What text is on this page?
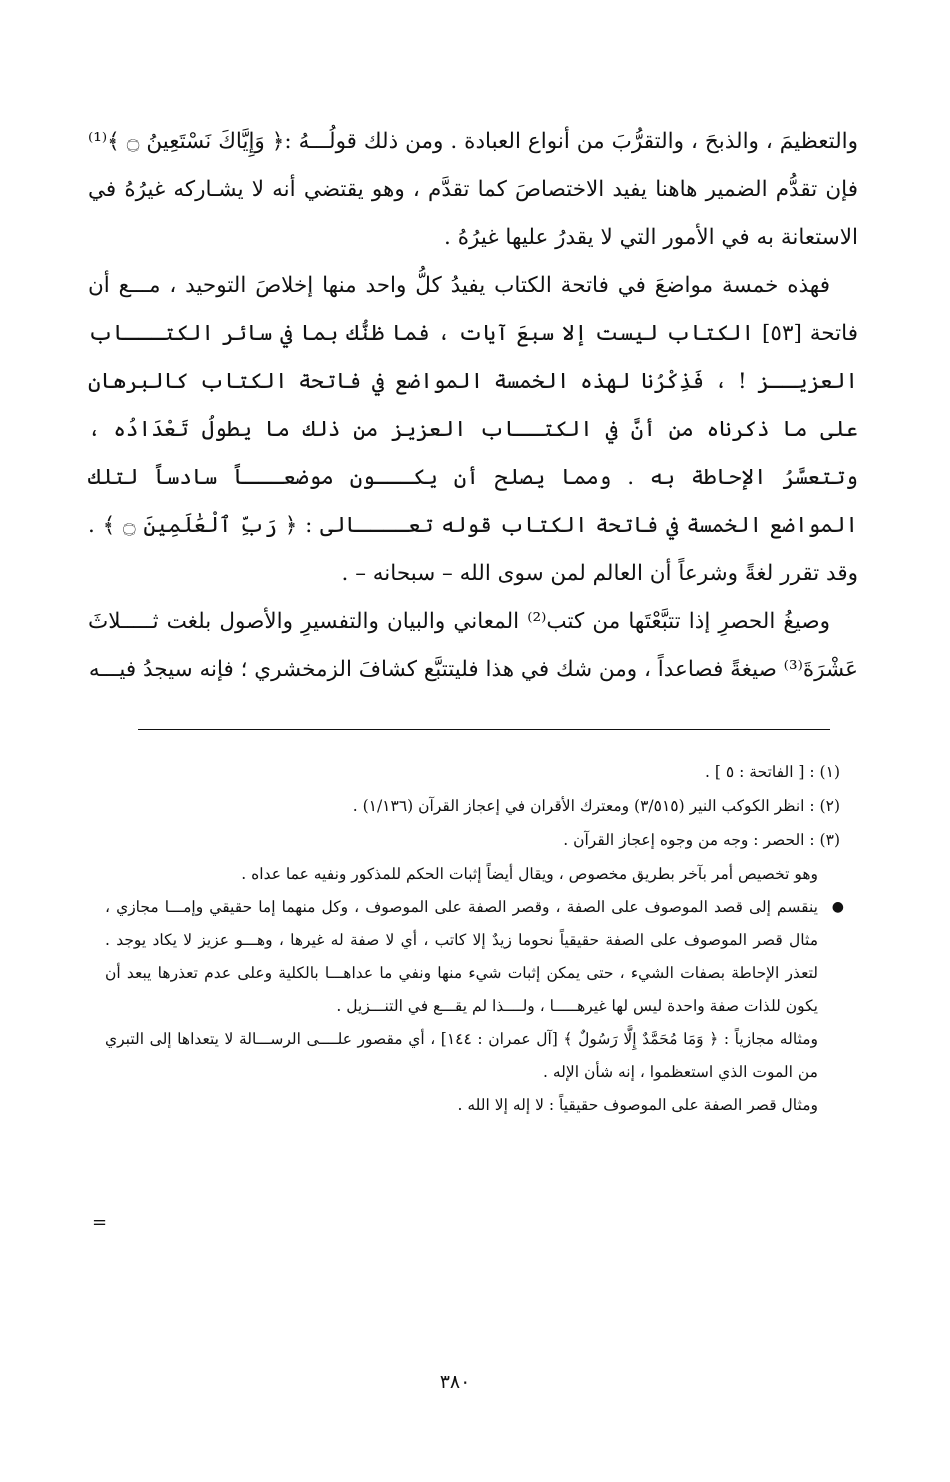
والتعظيمَ ، والذبحَ ، والتقرُّبَ من أنواع العبادة . ومن ذلك قولُـــهُ :﴿ وَإِيَّاكَ نَسْتَعِينُ ۝ ﴾⁽¹⁾ فإن تقدُّم الضمير هاهنا يفيد الاختصاصَ كما تقدَّم ، وهو يقتضي أنه لا يشـاركه غيرُهُ في الاستعانة به في الأمور التي لا يقدرُ عليها غيرُهُ .

فهذه خمسة مواضعَ في فاتحة الكتاب يفيدُ كلُّ واحد منها إخلاصَ التوحيد ، مـــع أن فاتحة [٥٣] الكتاب ليست إلا سبعَ آيات ، فما ظنُّك بما في سائر الكتـــاب العزيــز ! ، فَذِكْرُنا لهذه الخمسة المواضع في فاتحة الكتاب كالبرهان على ما ذكرناه من أنَّ في الكتــاب العزيز من ذلك ما يطولُ تَعْدَادُه ، وتتعسَّرُ الإحاطة به . ومما يصلح أن يكـــون موضعـــاً سادساً لتلك المواضع الخمسة في فاتحة الكتاب قوله تعــــالى : ﴿ رَبِّ ٱلْعَٰلَمِينَ ۝ ﴾ . وقد تقرر لغةً وشرعاً أن العالم لمن سوى الله – سبحانه – .

وصيغُ الحصرِ إذا تتبَّعْتَها من كتب⁽²⁾ المعاني والبيان والتفسيرِ والأصول بلغت ثـــــلاثَ عَشْرَةَ⁽³⁾ صيغةً فصاعداً ، ومن شك في هذا فليتتبَّع كشافَ الزمخشري ؛ فإنه سيجدُ فيـــه

(١) : [ الفاتحة : ٥ ] .

(٢) : انظر الكوكب النير (٣/٥١٥) ومعترك الأقران في إعجاز القرآن (١/١٣٦) .

(٣) : الحصر : وجه من وجوه إعجاز القرآن .

وهو تخصيص أمر بآخر بطريق مخصوص ، ويقال أيضاً إثبات الحكم للمذكور ونفيه عما عداه .

●

ينقسم إلى قصد الموصوف على الصفة ، وقصر الصفة على الموصوف ، وكل منهما إما حقيقي وإمـــا مجازي ، مثال قصر الموصوف على الصفة حقيقياً نحوما زيدٌ إلا كاتب ، أي لا صفة له غيرها ، وهـــو عزيز لا يكاد يوجد . لتعذر الإحاطة بصفات الشيء ، حتى يمكن إثبات شيء منها ونفي ما عداهـــا بالكلية وعلى عدم تعذرها يبعد أن يكون للذات صفة واحدة ليس لها غيرهـــــا ، ولــــذا لم يقـــع في التنـــزيل .

ومثاله مجازياً : ﴿ وَمَا مُحَمَّدٌ إِلَّا رَسُولٌ ﴾ [آل عمران : ١٤٤] ، أي مقصور علــــى الرســـالة لا يتعداها إلى التبري من الموت الذي استعظموا ، إنه شأن الإله .

ومثال قصر الصفة على الموصوف حقيقياً : لا إله إلا الله .

=
٣٨٠
